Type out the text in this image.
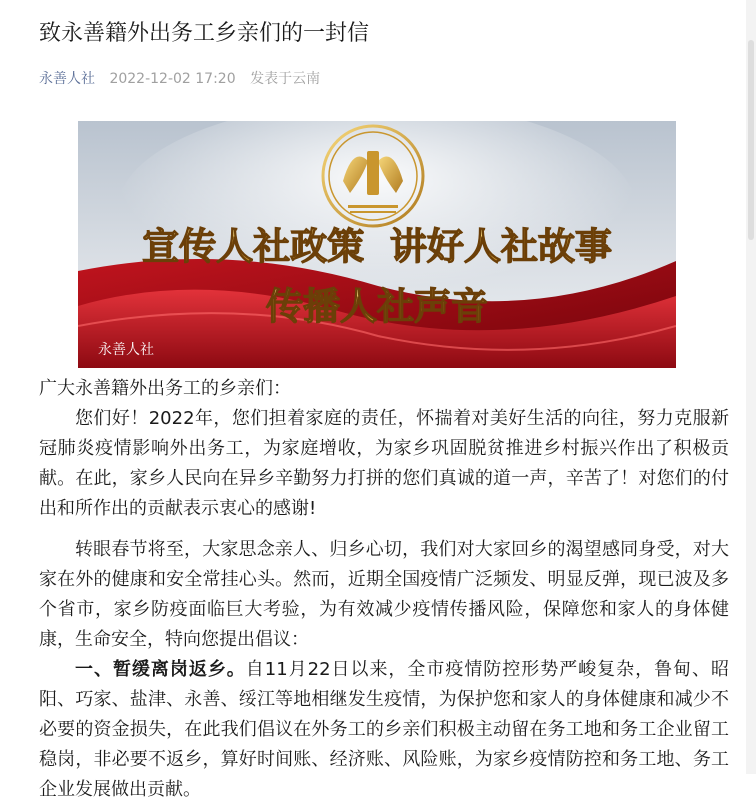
致永善籍外出务工乡亲们的一封信
永善人社 2022-12-02 17:20 发表于云南
宣传人社政策  讲好人社故事
传播人社声音
永善人社

广大永善籍外出务工的乡亲们：

您们好！2022年，您们担着家庭的责任，怀揣着对美好生活的向往，努力克服新冠肺炎疫情影响外出务工，为家庭增收，为家乡巩固脱贫推进乡村振兴作出了积极贡献。在此，家乡人民向在异乡辛勤努力打拼的您们真诚的道一声，辛苦了！对您们的付出和所作出的贡献表示衷心的感谢!

转眼春节将至，大家思念亲人、归乡心切，我们对大家回乡的渴望感同身受，对大家在外的健康和安全常挂心头。然而，近期全国疫情广泛频发、明显反弹，现已波及多个省市，家乡防疫面临巨大考验，为有效减少疫情传播风险，保障您和家人的身体健康，生命安全，特向您提出倡议：

一、暂缓离岗返乡。自11月22日以来，全市疫情防控形势严峻复杂，鲁甸、昭阳、巧家、盐津、永善、绥江等地相继发生疫情，为保护您和家人的身体健康和减少不必要的资金损失，在此我们倡议在外务工的乡亲们积极主动留在务工地和务工企业留工稳岗，非必要不返乡，算好时间账、经济账、风险账，为家乡疫情防控和务工地、务工企业发展做出贡献。
